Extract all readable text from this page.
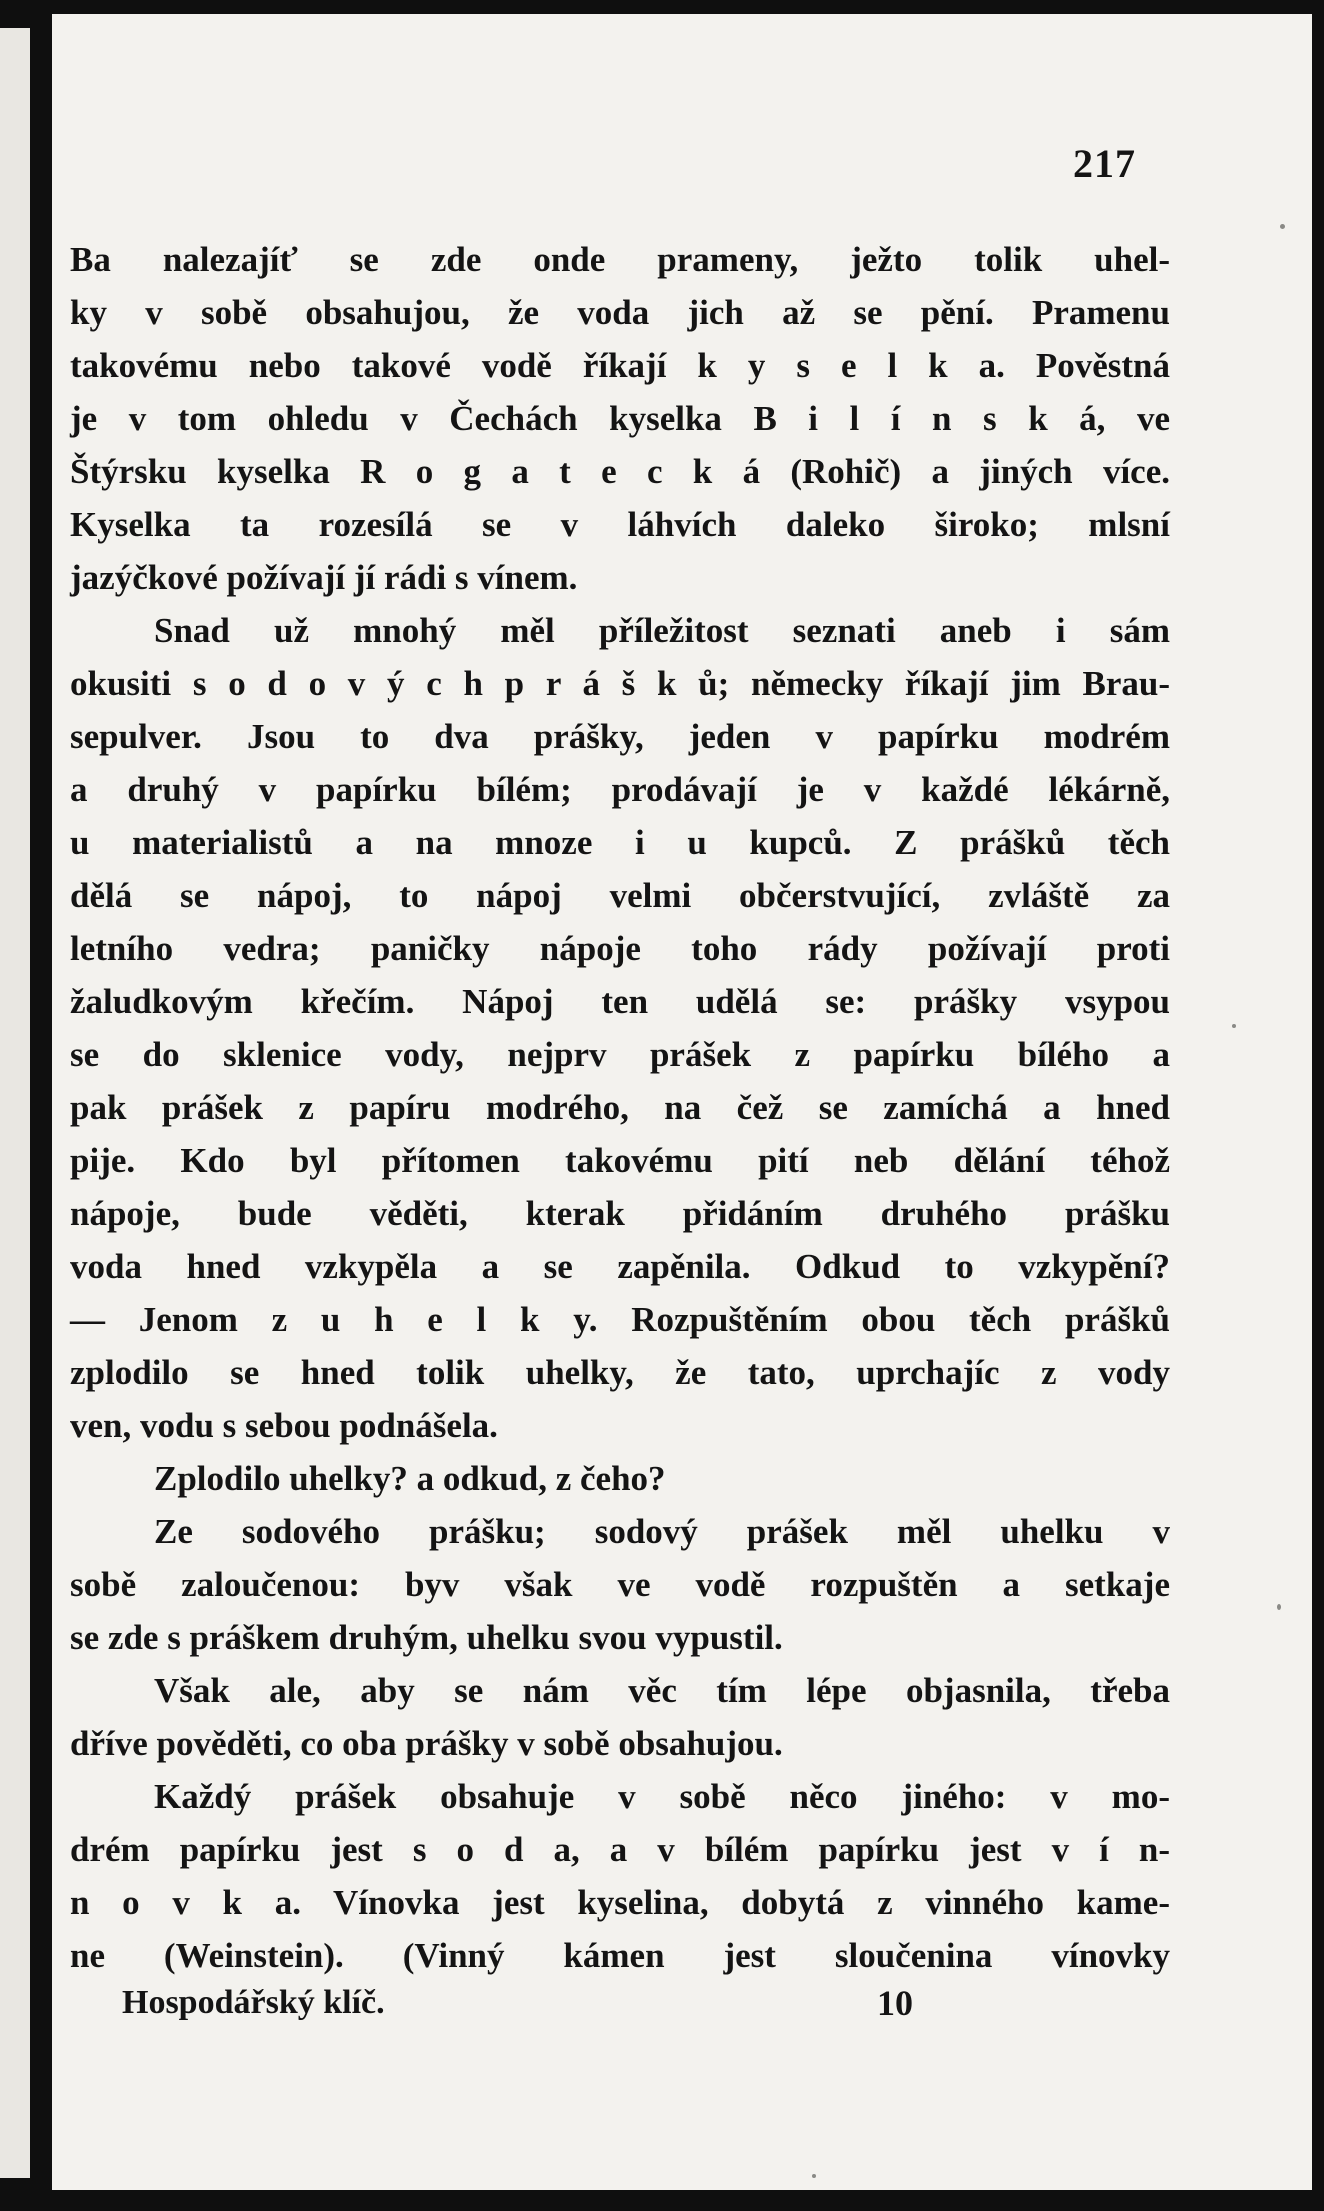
217
Ba nalezajíť se zde onde prameny, ježto tolik uhel-
ky v sobě obsahujou, že voda jich až se pění. Pramenu
takovému nebo takové vodě říkají k y s e l k a. Pověstná
je v tom ohledu v Čechách kyselka B i l í n s k á, ve
Štýrsku kyselka R o g a t e c k á (Rohič) a jiných více.
Kyselka ta rozesílá se v láhvích daleko široko; mlsní
jazýčkové požívají jí rádi s vínem.
Snad už mnohý měl příležitost seznati aneb i sám
okusiti s o d o v ý c h p r á š k ů; německy říkají jim Brau-
sepulver. Jsou to dva prášky, jeden v papírku modrém
a druhý v papírku bílém; prodávají je v každé lékárně,
u materialistů a na mnoze i u kupců. Z prášků těch
dělá se nápoj, to nápoj velmi občerstvující, zvláště za
letního vedra; paničky nápoje toho rády požívají proti
žaludkovým křečím. Nápoj ten udělá se: prášky vsypou
se do sklenice vody, nejprv prášek z papírku bílého a
pak prášek z papíru modrého, na čež se zamíchá a hned
pije. Kdo byl přítomen takovému pití neb dělání téhož
nápoje, bude věděti, kterak přidáním druhého prášku
voda hned vzkypěla a se zapěnila. Odkud to vzkypění?
— Jenom z u h e l k y. Rozpuštěním obou těch prášků
zplodilo se hned tolik uhelky, že tato, uprchajíc z vody
ven, vodu s sebou podnášela.
Zplodilo uhelky? a odkud, z čeho?
Ze sodového prášku; sodový prášek měl uhelku v
sobě zaloučenou: byv však ve vodě rozpuštěn a setkaje
se zde s práškem druhým, uhelku svou vypustil.
Však ale, aby se nám věc tím lépe objasnila, třeba
dříve pověděti, co oba prášky v sobě obsahujou.
Každý prášek obsahuje v sobě něco jiného: v mo-
drém papírku jest s o d a, a v bílém papírku jest v í n-
n o v k a. Vínovka jest kyselina, dobytá z vinného kame-
ne (Weinstein). (Vinný kámen jest sloučenina vínovky
Hospodářský klíč.	10
